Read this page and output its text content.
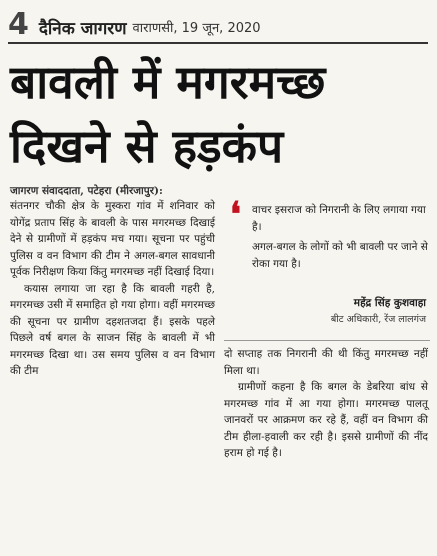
4 दैनिक जागरण वाराणसी, 19 जून, 2020
बावली में मगरमच्छ
दिखने से हड़कंप
जागरण संवाददाता, पटेहरा (मीरजापुर):

संतनगर चौकी क्षेत्र के मुस्करा गांव में शनिवार को योगेंद्र प्रताप सिंह के बावली के पास मगरमच्छ दिखाई देने से ग्रामीणों में हड़कंप मच गया। सूचना पर पहुंची पुलिस व वन विभाग की टीम ने अगल-बगल सावधानी पूर्वक निरीक्षण किया किंतु मगरमच्छ नहीं दिखाई दिया।

कयास लगाया जा रहा है कि बावली गहरी है, मगरमच्छ उसी में समाहित हो गया होगा। वहीं मगरमच्छ की सूचना पर ग्रामीण दहशतजदा हैं। इसके पहले पिछले वर्ष बगल के साजन सिंह के बावली में भी मगरमच्छ दिखा था। उस समय पुलिस व वन विभाग की टीम

❛ वाचर इसराज को निगरानी के लिए लगाया गया है।

अगल-बगल के लोगों को भी बावली पर जाने से रोका गया है।

महेंद्र सिंह कुशवाहा
बीट अधिकारी, रेंज लालगंज

दो सप्ताह तक निगरानी की थी किंतु मगरमच्छ नहीं मिला था।

ग्रामीणों कहना है कि बगल के डेबरिया बांध से मगरमच्छ गांव में आ गया होगा। मगरमच्छ पालतू जानवरों पर आक्रमण कर रहे हैं, वहीं वन विभाग की टीम हीला-हवाली कर रही है। इससे ग्रामीणों की नींद हराम हो गई है।
